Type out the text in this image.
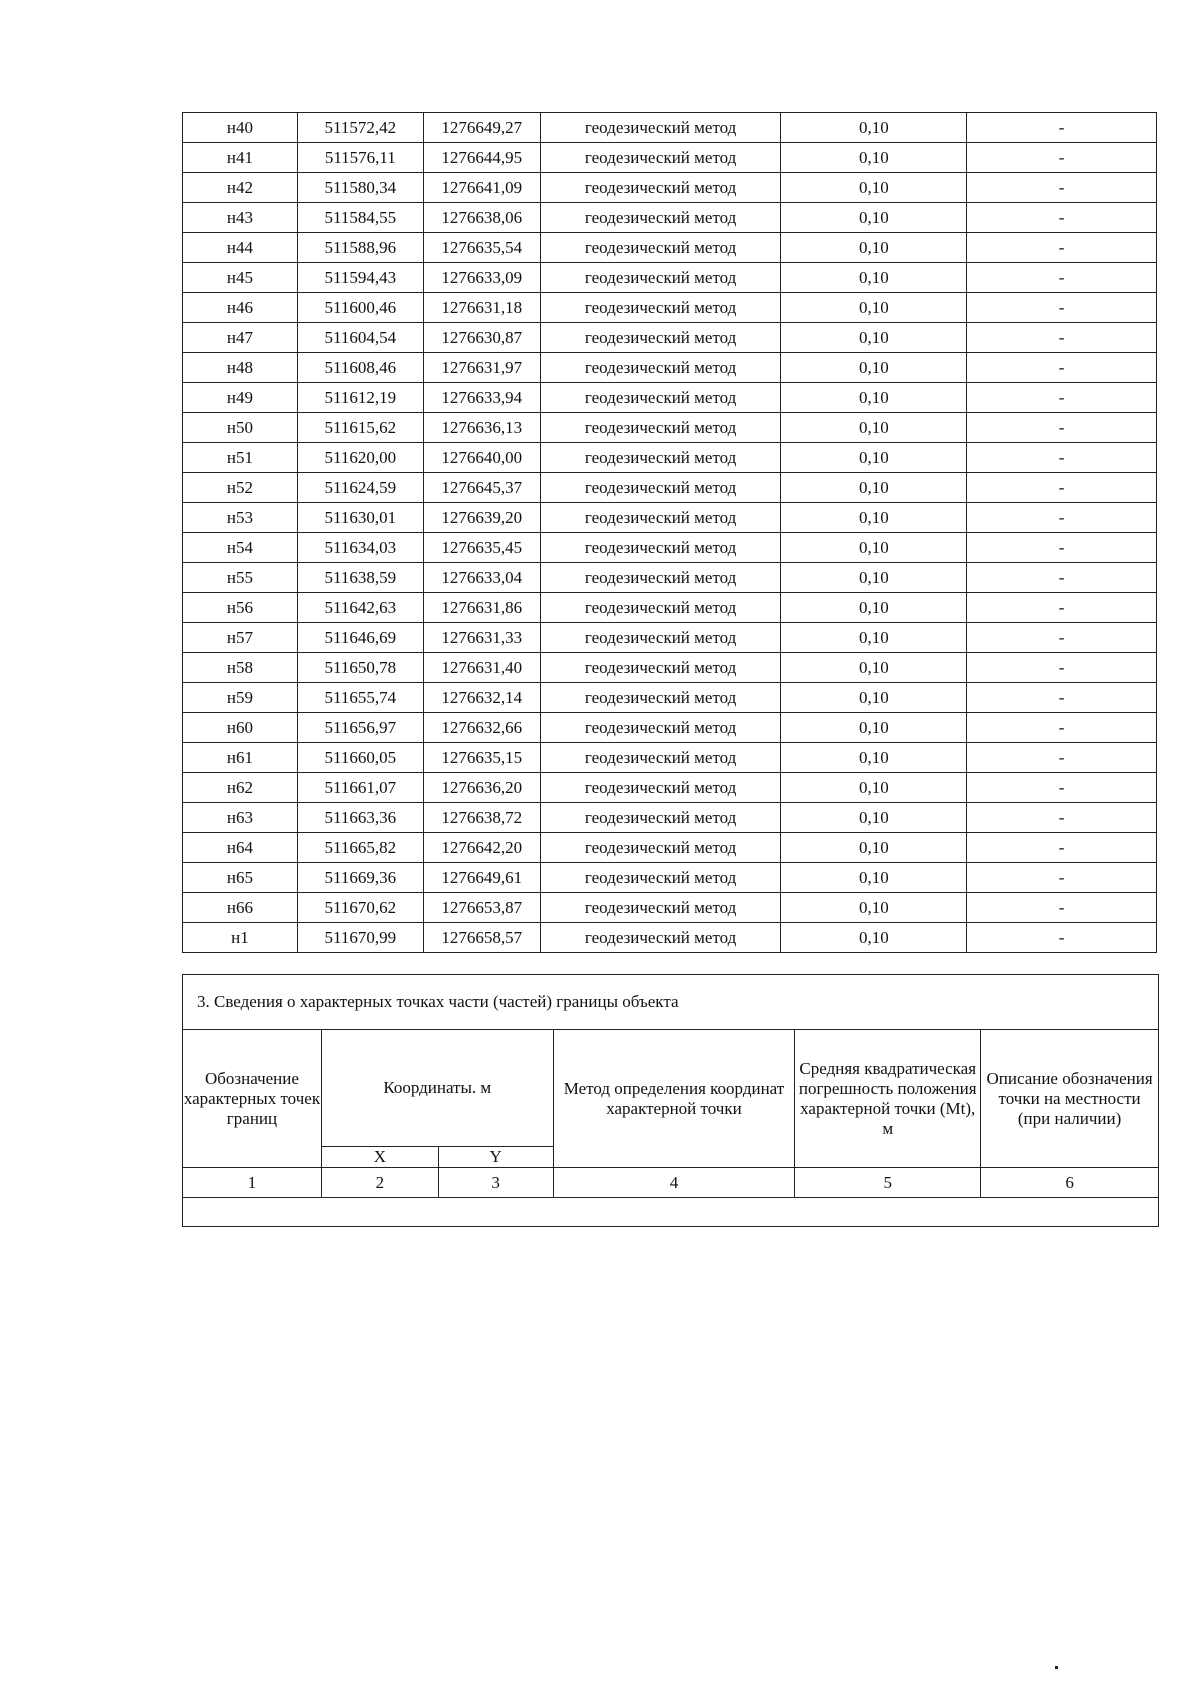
н40	511572,42	1276649,27	геодезический метод	0,10	-
н41	511576,11	1276644,95	геодезический метод	0,10	-
н42	511580,34	1276641,09	геодезический метод	0,10	-
н43	511584,55	1276638,06	геодезический метод	0,10	-
н44	511588,96	1276635,54	геодезический метод	0,10	-
н45	511594,43	1276633,09	геодезический метод	0,10	-
н46	511600,46	1276631,18	геодезический метод	0,10	-
н47	511604,54	1276630,87	геодезический метод	0,10	-
н48	511608,46	1276631,97	геодезический метод	0,10	-
н49	511612,19	1276633,94	геодезический метод	0,10	-
н50	511615,62	1276636,13	геодезический метод	0,10	-
н51	511620,00	1276640,00	геодезический метод	0,10	-
н52	511624,59	1276645,37	геодезический метод	0,10	-
н53	511630,01	1276639,20	геодезический метод	0,10	-
н54	511634,03	1276635,45	геодезический метод	0,10	-
н55	511638,59	1276633,04	геодезический метод	0,10	-
н56	511642,63	1276631,86	геодезический метод	0,10	-
н57	511646,69	1276631,33	геодезический метод	0,10	-
н58	511650,78	1276631,40	геодезический метод	0,10	-
н59	511655,74	1276632,14	геодезический метод	0,10	-
н60	511656,97	1276632,66	геодезический метод	0,10	-
н61	511660,05	1276635,15	геодезический метод	0,10	-
н62	511661,07	1276636,20	геодезический метод	0,10	-
н63	511663,36	1276638,72	геодезический метод	0,10	-
н64	511665,82	1276642,20	геодезический метод	0,10	-
н65	511669,36	1276649,61	геодезический метод	0,10	-
н66	511670,62	1276653,87	геодезический метод	0,10	-
н1	511670,99	1276658,57	геодезический метод	0,10	-
3. Сведения о характерных точках части (частей) границы объекта					
Обозначение характерных точек границ	Координаты. м		Метод определения координат характерной точки	Средняя квадратическая погрешность положения характерной точки (Mt), м	Описание обозначения точки на местности (при наличии)
	X	Y			
1	2	3	4	5	6
